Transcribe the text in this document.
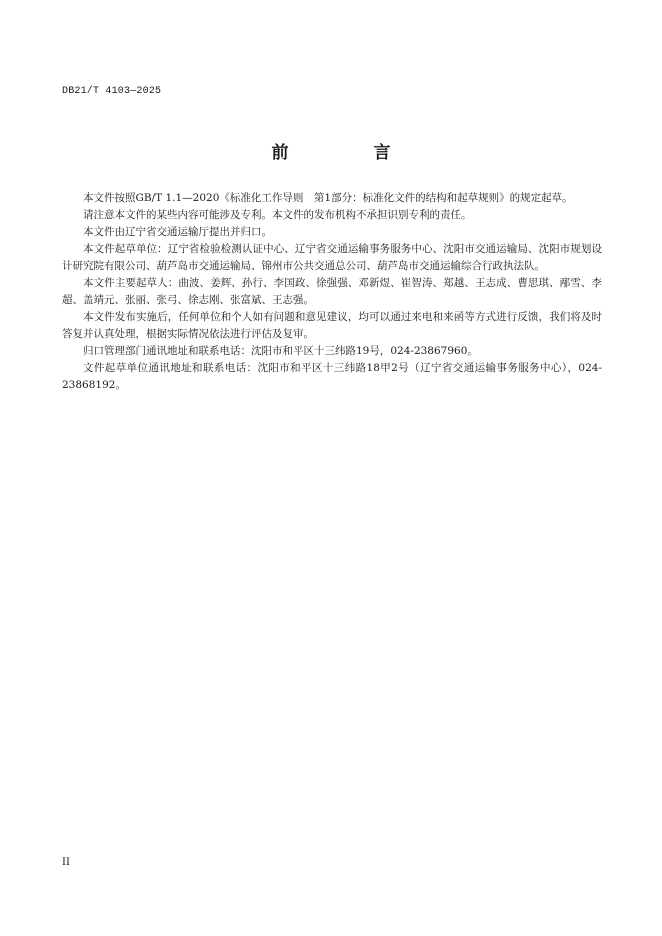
DB21/T 4103—2025
前　言

本文件按照GB/T 1.1—2020《标准化工作导则　第1部分：标准化文件的结构和起草规则》的规定起草。

请注意本文件的某些内容可能涉及专利。本文件的发布机构不承担识别专利的责任。

本文件由辽宁省交通运输厅提出并归口。

本文件起草单位：辽宁省检验检测认证中心、辽宁省交通运输事务服务中心、沈阳市交通运输局、沈阳市规划设计研究院有限公司、葫芦岛市交通运输局、锦州市公共交通总公司、葫芦岛市交通运输综合行政执法队。

本文件主要起草人：曲波、姜辉、孙行、李国政、徐强强、邓新煜、崔智涛、郑越、王志成、曹思琪、邴雪、李超、盖靖元、张丽、张弓、徐志刚、张富斌、王志强。

本文件发布实施后，任何单位和个人如有问题和意见建议，均可以通过来电和来函等方式进行反馈，我们将及时答复并认真处理，根据实际情况依法进行评估及复审。

归口管理部门通讯地址和联系电话：沈阳市和平区十三纬路19号，024-23867960。

文件起草单位通讯地址和联系电话：沈阳市和平区十三纬路18甲2号（辽宁省交通运输事务服务中心），024-23868192。

II
